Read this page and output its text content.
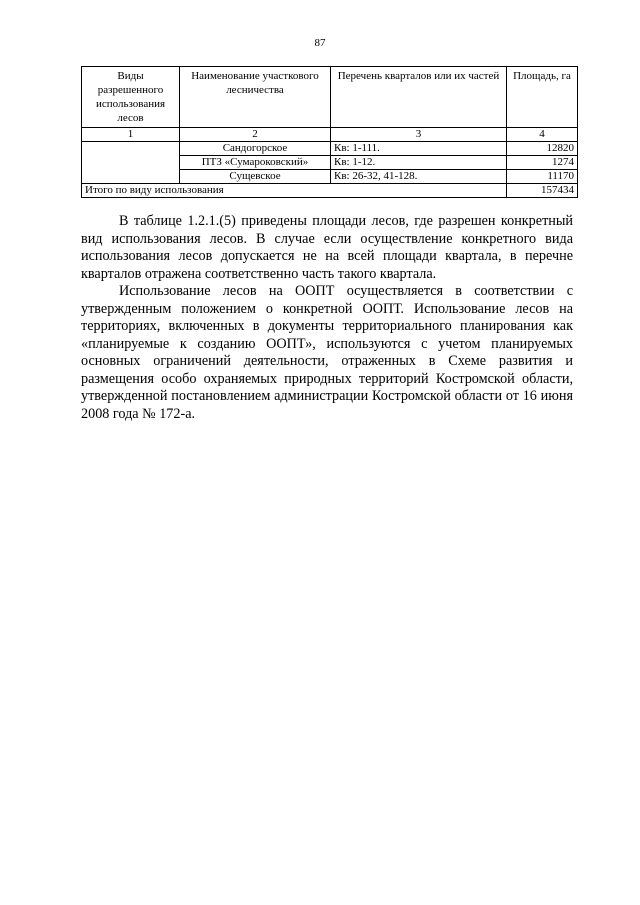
87
Виды разрешенного использования лесов	Наименование участкового лесничества	Перечень кварталов или их частей	Площадь, га
1	2	3	4
	Сандогорское	Кв: 1-111.	12820
	ПТЗ «Сумароковский»	Кв: 1-12.	1274
	Сущевское	Кв: 26-32, 41-128.	11170
Итого по виду использования			157434

В таблице 1.2.1.(5) приведены площади лесов, где разрешен конкретный вид использования лесов. В случае если осуществление конкретного вида использования лесов допускается не на всей площади квартала, в перечне кварталов отражена соответственно часть такого квартала.

Использование лесов на ООПТ осуществляется в соответствии с утвержденным положением о конкретной ООПТ. Использование лесов на территориях, включенных в документы территориального планирования как «планируемые к созданию ООПТ», используются с учетом планируемых основных ограничений деятельности, отраженных в Схеме развития и размещения особо охраняемых природных территорий Костромской области, утвержденной постановлением администрации Костромской области от 16 июня 2008 года № 172-а.
